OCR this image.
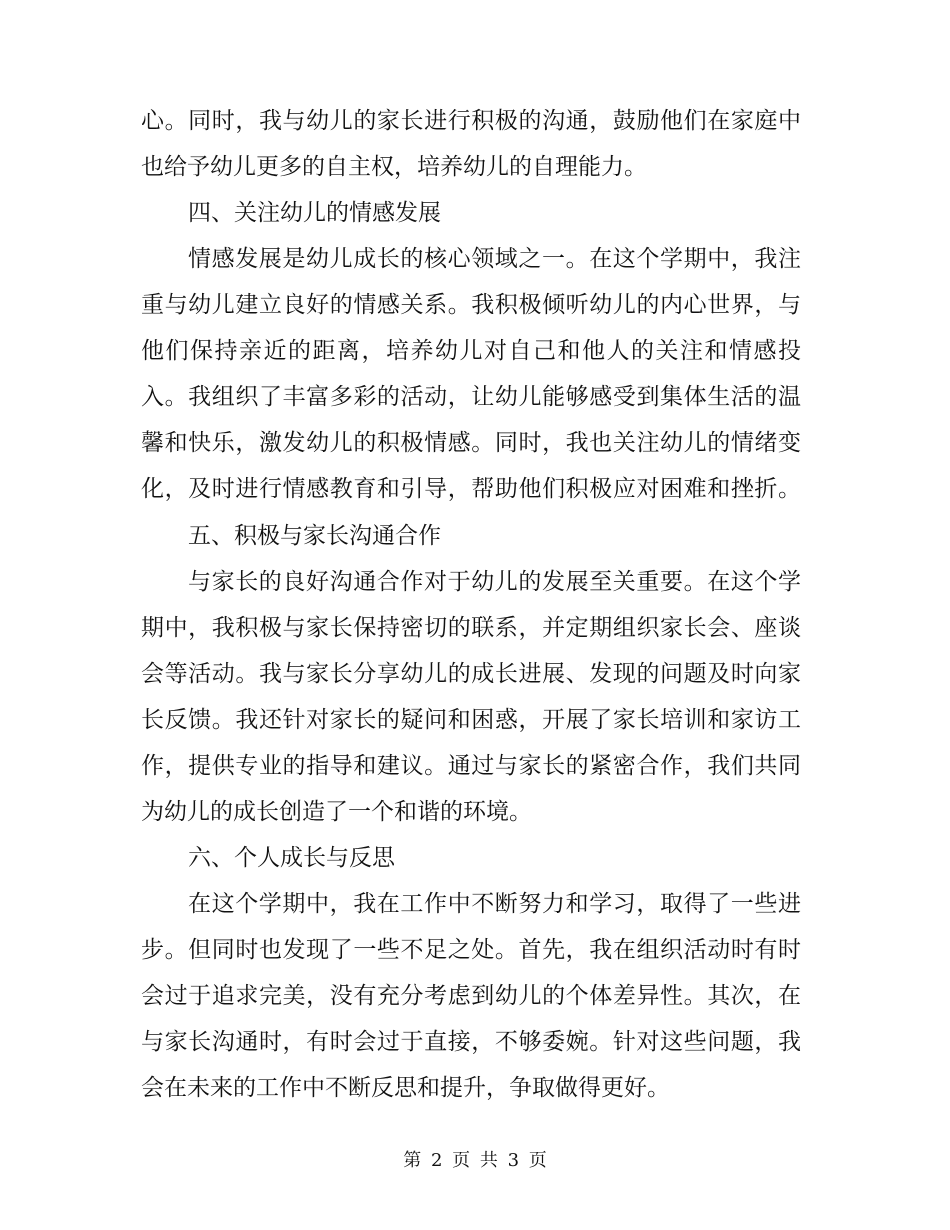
心。同时，我与幼儿的家长进行积极的沟通，鼓励他们在家庭中
也给予幼儿更多的自主权，培养幼儿的自理能力。
四、关注幼儿的情感发展
情感发展是幼儿成长的核心领域之一。在这个学期中，我注
重与幼儿建立良好的情感关系。我积极倾听幼儿的内心世界，与
他们保持亲近的距离，培养幼儿对自己和他人的关注和情感投
入。我组织了丰富多彩的活动，让幼儿能够感受到集体生活的温
馨和快乐，激发幼儿的积极情感。同时，我也关注幼儿的情绪变
化，及时进行情感教育和引导，帮助他们积极应对困难和挫折。
五、积极与家长沟通合作
与家长的良好沟通合作对于幼儿的发展至关重要。在这个学
期中，我积极与家长保持密切的联系，并定期组织家长会、座谈
会等活动。我与家长分享幼儿的成长进展、发现的问题及时向家
长反馈。我还针对家长的疑问和困惑，开展了家长培训和家访工
作，提供专业的指导和建议。通过与家长的紧密合作，我们共同
为幼儿的成长创造了一个和谐的环境。
六、个人成长与反思
在这个学期中，我在工作中不断努力和学习，取得了一些进
步。但同时也发现了一些不足之处。首先，我在组织活动时有时
会过于追求完美，没有充分考虑到幼儿的个体差异性。其次，在
与家长沟通时，有时会过于直接，不够委婉。针对这些问题，我
会在未来的工作中不断反思和提升，争取做得更好。
第 2 页 共 3 页
